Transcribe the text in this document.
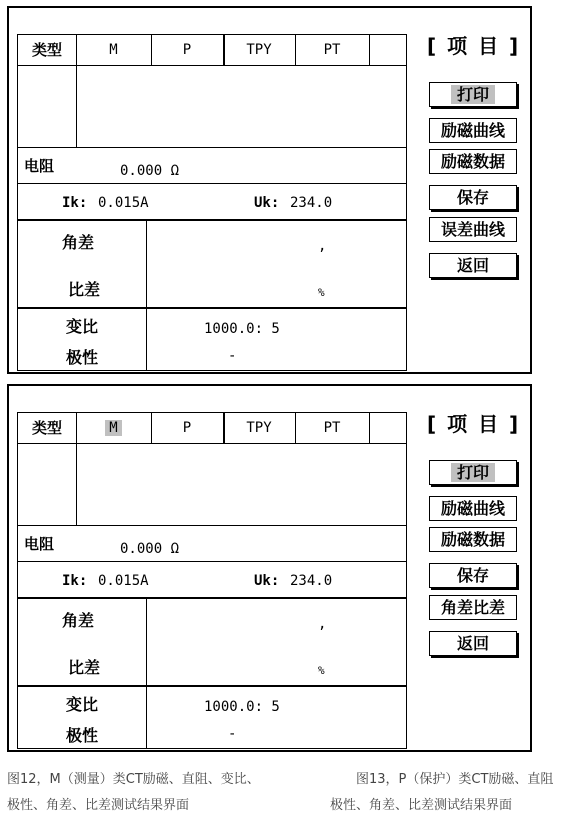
类型	M	P	TPY	PT
电阻	0.000 Ω
Ik: 0.015A	Uk: 234.0
角差	,
比差	%
变比	1000.0: 5
极性	-
[ 项 目 ]
打印
励磁曲线
励磁数据
保存
误差曲线
返回
类型	M	P	TPY	PT
电阻	0.000 Ω
Ik: 0.015A	Uk: 234.0
角差	,
比差	%
变比	1000.0: 5
极性	-
[ 项 目 ]
打印
励磁曲线
励磁数据
保存
角差比差
返回
图12，M（测量）类CT励磁、直阻、变比、
极性、角差、比差测试结果界面
图13，P（保护）类CT励磁、直阻
极性、角差、比差测试结果界面
